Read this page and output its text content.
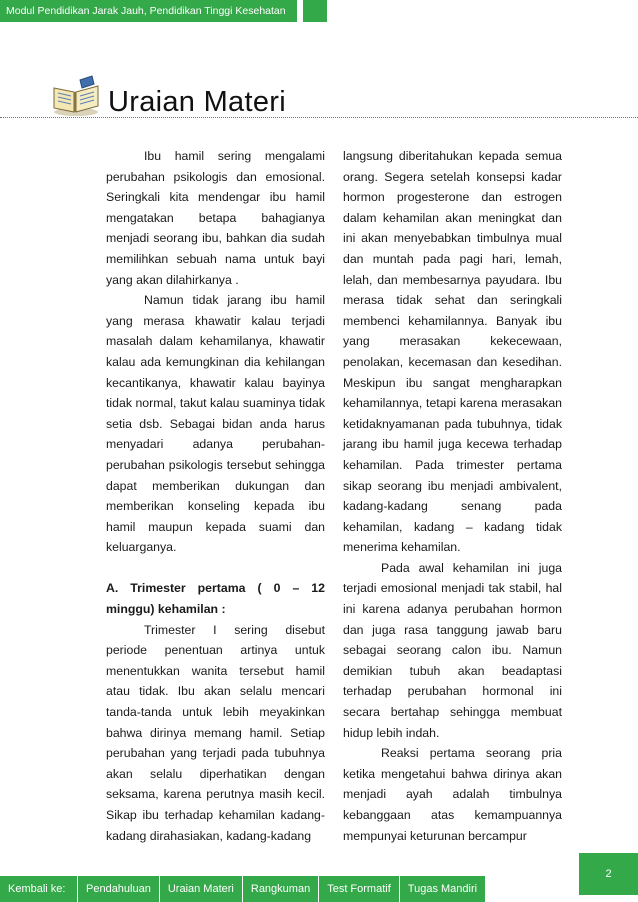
Modul Pendidikan Jarak Jauh, Pendidikan Tinggi Kesehatan
Uraian Materi

Ibu hamil sering mengalami perubahan psikologis dan emosional. Seringkali kita mendengar ibu hamil mengatakan betapa bahagianya menjadi seorang ibu, bahkan dia sudah memilihkan sebuah nama untuk bayi yang akan dilahirkanya .

Namun tidak jarang ibu hamil yang merasa khawatir kalau terjadi masalah dalam kehamilanya, khawatir kalau ada kemungkinan dia kehilangan kecantikanya, khawatir kalau bayinya tidak normal, takut kalau suaminya tidak setia dsb. Sebagai bidan anda harus menyadari adanya perubahan-perubahan psikologis tersebut sehingga dapat memberikan dukungan dan memberikan konseling kepada ibu hamil maupun kepada suami dan keluarganya.

A. Trimester pertama ( 0 – 12 minggu) kehamilan :

Trimester I sering disebut periode penentuan artinya untuk menentukkan wanita tersebut hamil atau tidak. Ibu akan selalu mencari tanda-tanda untuk lebih meyakinkan bahwa dirinya memang hamil. Setiap perubahan yang terjadi pada tubuhnya akan selalu diperhatikan dengan seksama, karena perutnya masih kecil. Sikap ibu terhadap kehamilan kadang-kadang dirahasiakan, kadang-kadang

langsung diberitahukan kepada semua orang. Segera setelah konsepsi kadar hormon progesterone dan estrogen dalam kehamilan akan meningkat dan ini akan menyebabkan timbulnya mual dan muntah pada pagi hari, lemah, lelah, dan membesarnya payudara. Ibu merasa tidak sehat dan seringkali membenci kehamilannya. Banyak ibu yang merasakan kekecewaan, penolakan, kecemasan dan kesedihan. Meskipun ibu sangat mengharapkan kehamilannya, tetapi karena merasakan ketidaknyamanan pada tubuhnya, tidak jarang ibu hamil juga kecewa terhadap kehamilan. Pada trimester pertama sikap seorang ibu menjadi ambivalent, kadang-kadang senang pada kehamilan, kadang – kadang tidak menerima kehamilan.

Pada awal kehamilan ini juga terjadi emosional menjadi tak stabil, hal ini karena adanya perubahan hormon dan juga rasa tanggung jawab baru sebagai seorang calon ibu. Namun demikian tubuh akan beadaptasi terhadap perubahan hormonal ini secara bertahap sehingga membuat hidup lebih indah.

Reaksi pertama seorang pria ketika mengetahui bahwa dirinya akan menjadi ayah adalah timbulnya kebanggaan atas kemampuannya mempunyai keturunan bercampur

2
Kembali ke:	Pendahuluan	Uraian Materi	Rangkuman	Test Formatif	Tugas Mandiri
